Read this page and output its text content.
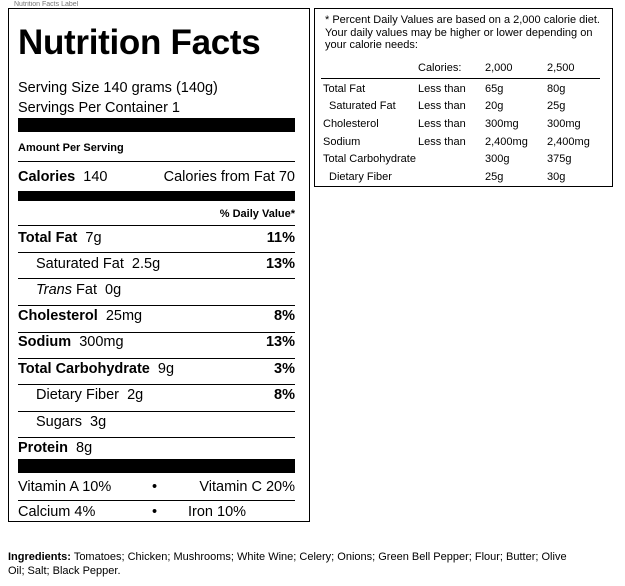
Nutrition Facts Label
Nutrition Facts
Serving Size 140 grams (140g)
Servings Per Container 1
Amount Per Serving
Calories 140	Calories from Fat 70
% Daily Value*
Total Fat 7g	11%
Saturated Fat 2.5g	13%
Trans Fat 0g
Cholesterol 25mg	8%
Sodium 300mg	13%
Total Carbohydrate 9g	3%
Dietary Fiber 2g	8%
Sugars 3g
Protein 8g
Vitamin A 10%	•	Vitamin C 20%
Calcium 4%	• Iron 10%
* Percent Daily Values are based on a 2,000 calorie diet. Your daily values may be higher or lower depending on your calorie needs:
Calories: 2,000	2,500
Total Fat	Less than 65g	80g
Saturated Fat Less than 20g	25g
Cholesterol	Less than 300mg	300mg
Sodium	Less than 2,400mg 2,400mg
Total Carbohydrate	300g	375g
Dietary Fiber	25g	30g
Ingredients: Tomatoes; Chicken; Mushrooms; White Wine; Celery; Onions; Green Bell Pepper; Flour; Butter; Olive Oil; Salt; Black Pepper.
